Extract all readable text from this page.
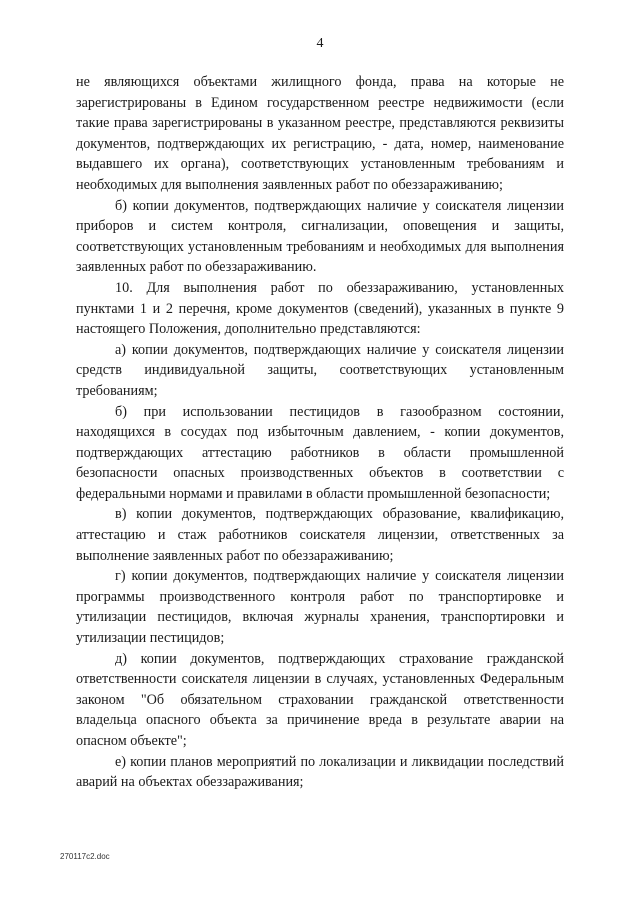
4

не являющихся объектами жилищного фонда, права на которые не зарегистрированы в Едином государственном реестре недвижимости (если такие права зарегистрированы в указанном реестре, представляются реквизиты документов, подтверждающих их регистрацию, - дата, номер, наименование выдавшего их органа), соответствующих установленным требованиям и необходимых для выполнения заявленных работ по обеззараживанию;

б) копии документов, подтверждающих наличие у соискателя лицензии приборов и систем контроля, сигнализации, оповещения и защиты, соответствующих установленным требованиям и необходимых для выполнения заявленных работ по обеззараживанию.

10. Для выполнения работ по обеззараживанию, установленных пунктами 1 и 2 перечня, кроме документов (сведений), указанных в пункте 9 настоящего Положения, дополнительно представляются:

а) копии документов, подтверждающих наличие у соискателя лицензии средств индивидуальной защиты, соответствующих установленным требованиям;

б) при использовании пестицидов в газообразном состоянии, находящихся в сосудах под избыточным давлением, - копии документов, подтверждающих аттестацию работников в области промышленной безопасности опасных производственных объектов в соответствии с федеральными нормами и правилами в области промышленной безопасности;

в) копии документов, подтверждающих образование, квалификацию, аттестацию и стаж работников соискателя лицензии, ответственных за выполнение заявленных работ по обеззараживанию;

г) копии документов, подтверждающих наличие у соискателя лицензии программы производственного контроля работ по транспортировке и утилизации пестицидов, включая журналы хранения, транспортировки и утилизации пестицидов;

д) копии документов, подтверждающих страхование гражданской ответственности соискателя лицензии в случаях, установленных Федеральным законом "Об обязательном страховании гражданской ответственности владельца опасного объекта за причинение вреда в результате аварии на опасном объекте";

е) копии планов мероприятий по локализации и ликвидации последствий аварий на объектах обеззараживания;

270117c2.doc
